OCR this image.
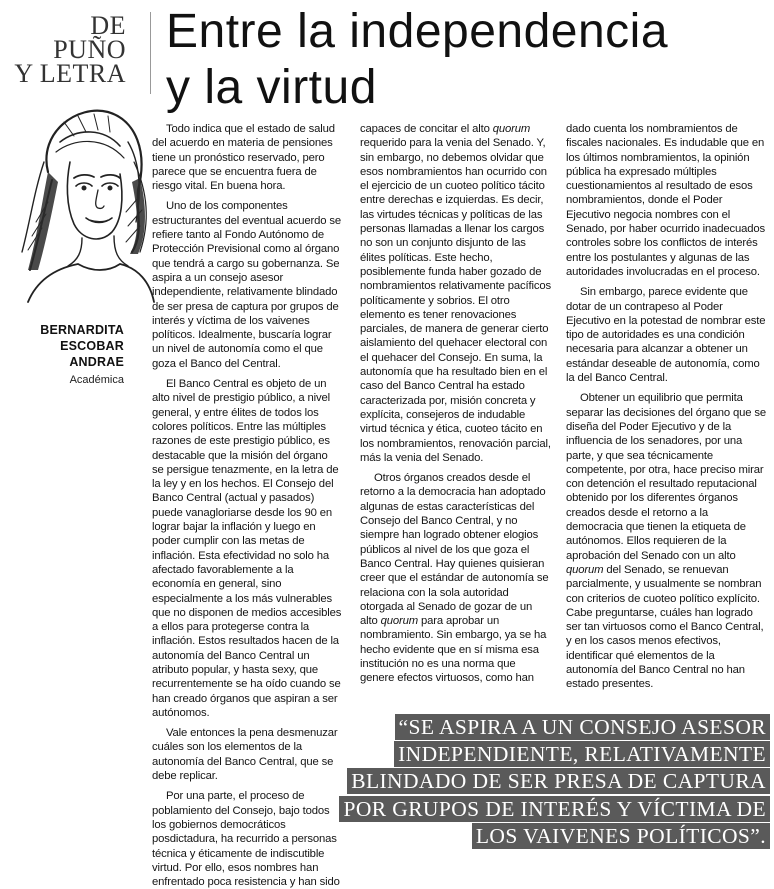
DE
PUÑO
Y LETRA
Entre la independencia
y la virtud
BERNARDITA
ESCOBAR
ANDRAE
Académica

Todo indica que el estado de salud del acuerdo en materia de pensiones tiene un pronóstico reservado, pero parece que se encuentra fuera de riesgo vital. En buena hora.

Uno de los componentes estructurantes del eventual acuerdo se refiere tanto al Fondo Autónomo de Protección Previsional como al órgano que tendrá a cargo su gobernanza. Se aspira a un consejo asesor independiente, relativamente blindado de ser presa de captura por grupos de interés y víctima de los vaivenes políticos. Idealmente, buscaría lograr un nivel de autonomía como el que goza el Banco del Central.

El Banco Central es objeto de un alto nivel de prestigio público, a nivel general, y entre élites de todos los colores políticos. Entre las múltiples razones de este prestigio público, es destacable que la misión del órgano se persigue tenazmente, en la letra de la ley y en los hechos. El Consejo del Banco Central (actual y pasados) puede vanagloriarse desde los 90 en lograr bajar la inflación y luego en poder cumplir con las metas de inflación. Esta efectividad no solo ha afectado favorablemente a la economía en general, sino especialmente a los más vulnerables que no disponen de medios accesibles a ellos para protegerse contra la inflación. Estos resultados hacen de la autonomía del Banco Central un atributo popular, y hasta sexy, que recurrentemente se ha oído cuando se han creado órganos que aspiran a ser autónomos.

Vale entonces la pena desmenuzar cuáles son los elementos de la autonomía del Banco Central, que se debe replicar.

Por una parte, el proceso de poblamiento del Consejo, bajo todos los gobiernos democráticos posdictadura, ha recurrido a personas técnica y éticamente de indiscutible virtud. Por ello, esos nombres han enfrentado poca resistencia y han sido

capaces de concitar el alto quorum requerido para la venia del Senado. Y, sin embargo, no debemos olvidar que esos nombramientos han ocurrido con el ejercicio de un cuoteo político tácito entre derechas e izquierdas. Es decir, las virtudes técnicas y políticas de las personas llamadas a llenar los cargos no son un conjunto disjunto de las élites políticas. Este hecho, posiblemente funda haber gozado de nombramientos relativamente pacíficos políticamente y sobrios. El otro elemento es tener renovaciones parciales, de manera de generar cierto aislamiento del quehacer electoral con el quehacer del Consejo. En suma, la autonomía que ha resultado bien en el caso del Banco Central ha estado caracterizada por, misión concreta y explícita, consejeros de indudable virtud técnica y ética, cuoteo tácito en los nombramientos, renovación parcial, más la venia del Senado.

Otros órganos creados desde el retorno a la democracia han adoptado algunas de estas características del Consejo del Banco Central, y no siempre han logrado obtener elogios públicos al nivel de los que goza el Banco Central. Hay quienes quisieran creer que el estándar de autonomía se relaciona con la sola autoridad otorgada al Senado de gozar de un alto quorum para aprobar un nombramiento. Sin embargo, ya se ha hecho evidente que en sí misma esa institución no es una norma que genere efectos virtuosos, como han

dado cuenta los nombramientos de fiscales nacionales. Es indudable que en los últimos nombramientos, la opinión pública ha expresado múltiples cuestionamientos al resultado de esos nombramientos, donde el Poder Ejecutivo negocia nombres con el Senado, por haber ocurrido inadecuados controles sobre los conflictos de interés entre los postulantes y algunas de las autoridades involucradas en el proceso.

Sin embargo, parece evidente que dotar de un contrapeso al Poder Ejecutivo en la potestad de nombrar este tipo de autoridades es una condición necesaria para alcanzar a obtener un estándar deseable de autonomía, como la del Banco Central.

Obtener un equilibrio que permita separar las decisiones del órgano que se diseña del Poder Ejecutivo y de la influencia de los senadores, por una parte, y que sea técnicamente competente, por otra, hace preciso mirar con detención el resultado reputacional obtenido por los diferentes órganos creados desde el retorno a la democracia que tienen la etiqueta de autónomos. Ellos requieren de la aprobación del Senado con un alto quorum del Senado, se renuevan parcialmente, y usualmente se nombran con criterios de cuoteo político explícito. Cabe preguntarse, cuáles han logrado ser tan virtuosos como el Banco Central, y en los casos menos efectivos, identificar qué elementos de la autonomía del Banco Central no han estado presentes.

“SE ASPIRA A UN CONSEJO ASESOR INDEPENDIENTE, RELATIVAMENTE BLINDADO DE SER PRESA DE CAPTURA POR GRUPOS DE INTERÉS Y VÍCTIMA DE LOS VAIVENES POLÍTICOS”.
